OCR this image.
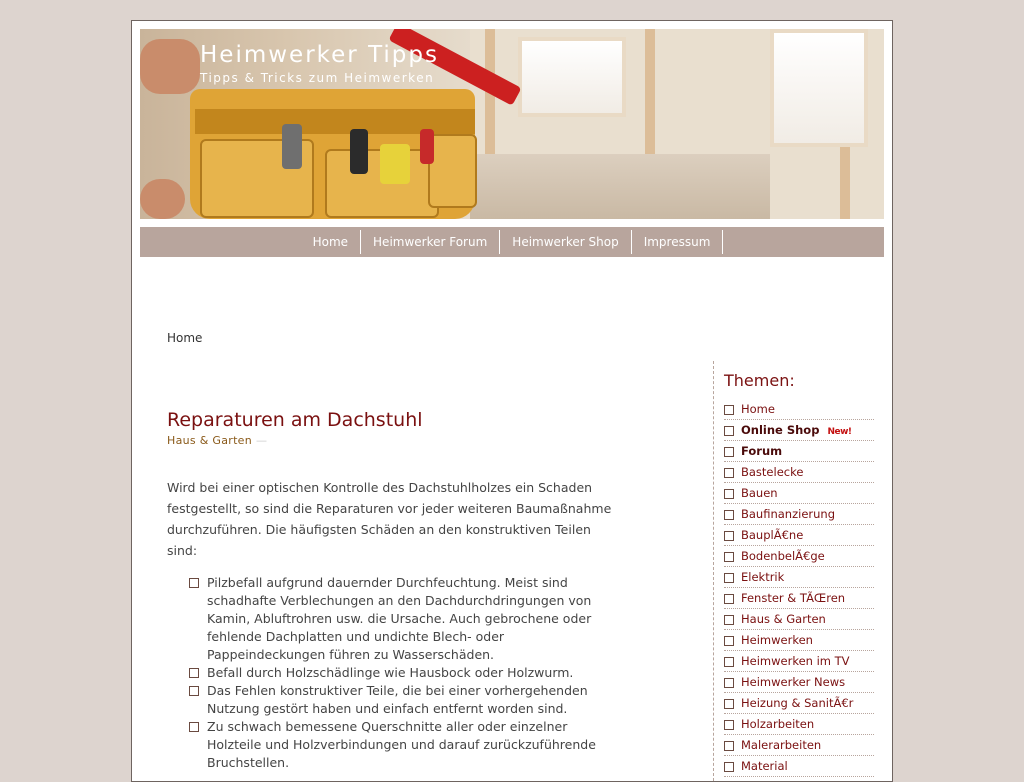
Heimwerker Tipps
Tipps & Tricks zum Heimwerken
Home	Heimwerker Forum	Heimwerker Shop	Impressum
Home
Reparaturen am Dachstuhl
Haus & Garten —

Wird bei einer optischen Kontrolle des Dachstuhlholzes ein Schaden festgestellt, so sind die Reparaturen vor jeder weiteren Baumaßnahme durchzuführen. Die häufigsten Schäden an den konstruktiven Teilen sind:

Pilzbefall aufgrund dauernder Durchfeuchtung. Meist sind schadhafte Verblechungen an den Dachdurchdringungen von Kamin, Abluftrohren usw. die Ursache. Auch gebrochene oder fehlende Dachplatten und undichte Blech- oder Pappeindeckungen führen zu Wasserschäden.
Befall durch Holzschädlinge wie Hausbock oder Holzwurm.
Das Fehlen konstruktiver Teile, die bei einer vorhergehenden Nutzung gestört haben und einfach entfernt worden sind.
Zu schwach bemessene Querschnitte aller oder einzelner Holzteile und Holzverbindungen und darauf zurückzuführende Bruchstellen.
Themen:
Home
Online Shop New!
Forum
Bastelecke
Bauen
Baufinanzierung
BauplÃ€ne
BodenbelÃ€ge
Elektrik
Fenster & TÃŒren
Haus & Garten
Heimwerken
Heimwerken im TV
Heimwerker News
Heizung & SanitÃ€r
Holzarbeiten
Malerarbeiten
Material
